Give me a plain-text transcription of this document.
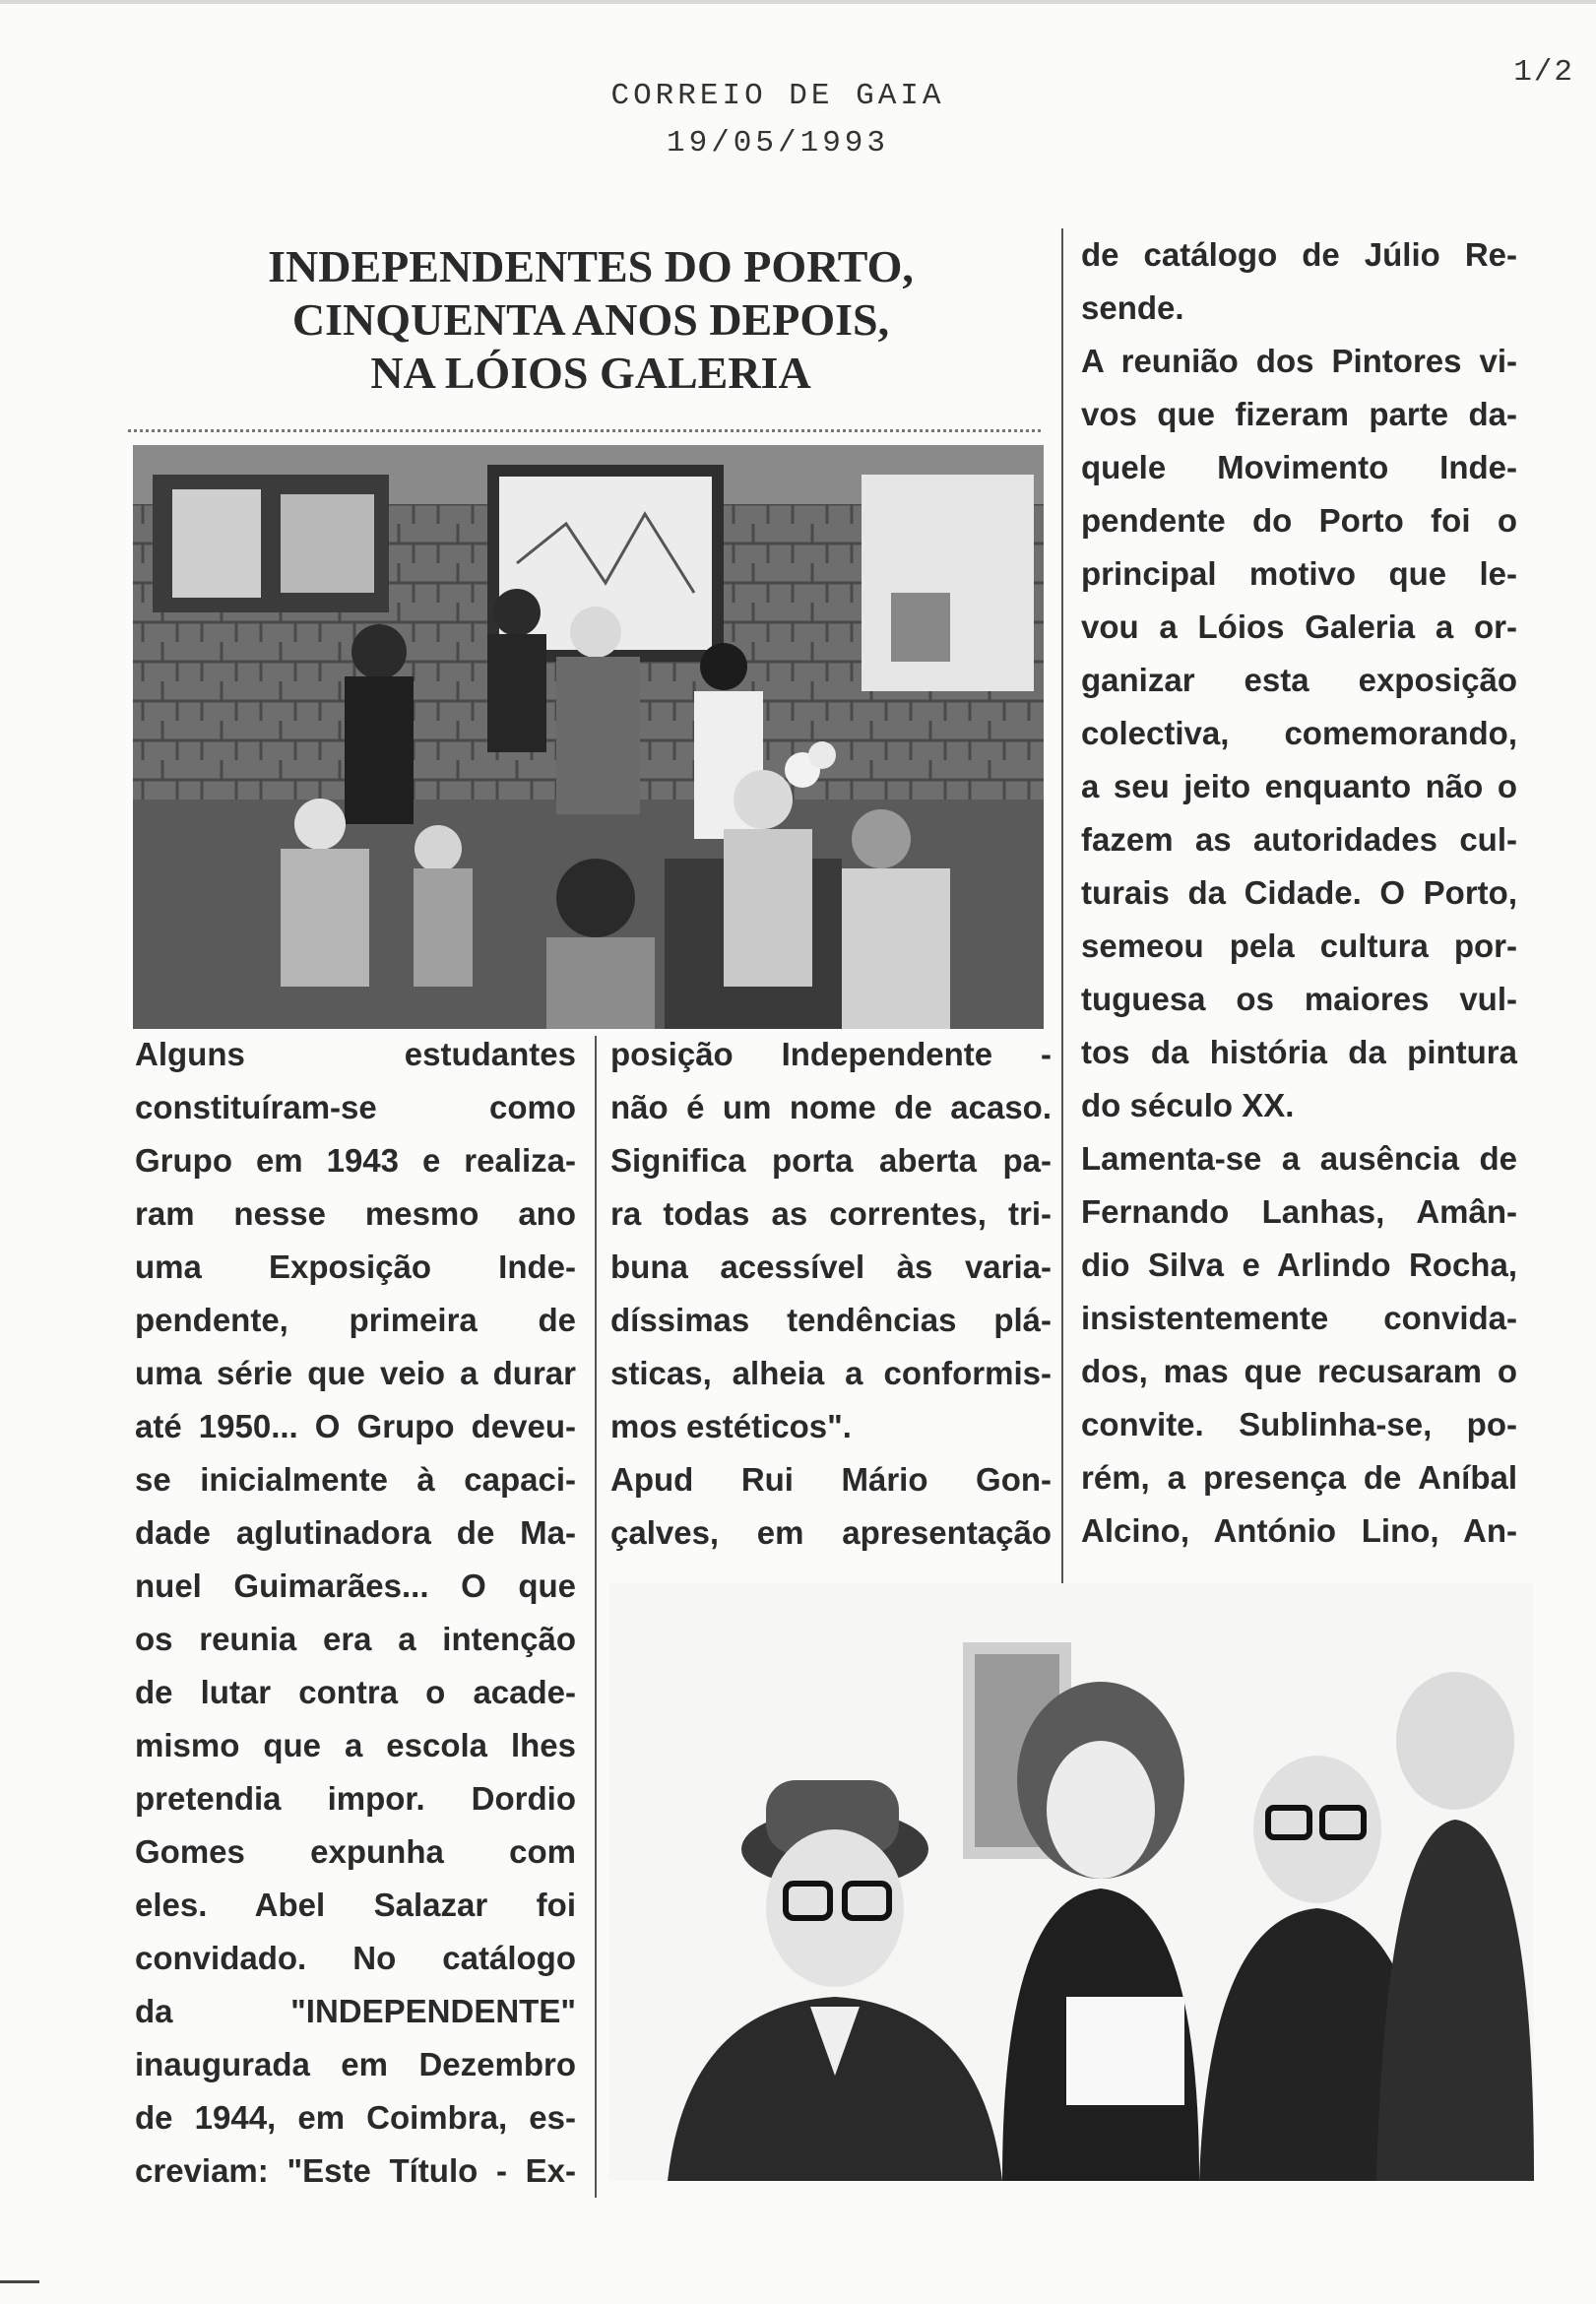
CORREIO DE GAIA
19/05/1993
1/2
INDEPENDENTES DO PORTO,
CINQUENTA ANOS DEPOIS,
NA LÓIOS GALERIA

Alguns estudantes

constituíram-se como

Grupo em 1943 e realiza-

ram nesse mesmo ano

uma Exposição Inde-

pendente, primeira de

uma série que veio a durar

até 1950... O Grupo deveu-

se inicialmente à capaci-

dade aglutinadora de Ma-

nuel Guimarães... O que

os reunia era a intenção

de lutar contra o acade-

mismo que a escola lhes

pretendia impor. Dordio

Gomes expunha com

eles. Abel Salazar foi

convidado. No catálogo

da "INDEPENDENTE"

inaugurada em Dezembro

de 1944, em Coimbra, es-

creviam: "Este Título - Ex-

posição Independente -

não é um nome de acaso.

Significa porta aberta pa-

ra todas as correntes, tri-

buna acessível às varia-

díssimas tendências plá-

sticas, alheia a conformis-

mos estéticos".

Apud Rui Mário Gon-

çalves, em apresentação

de catálogo de Júlio Re-

sende.

A reunião dos Pintores vi-

vos que fizeram parte da-

quele Movimento Inde-

pendente do Porto foi o

principal motivo que le-

vou a Lóios Galeria a or-

ganizar esta exposição

colectiva, comemorando,

a seu jeito enquanto não o

fazem as autoridades cul-

turais da Cidade. O Porto,

semeou pela cultura por-

tuguesa os maiores vul-

tos da história da pintura

do século XX.

Lamenta-se a ausência de

Fernando Lanhas, Amân-

dio Silva e Arlindo Rocha,

insistentemente convida-

dos, mas que recusaram o

convite. Sublinha-se, po-

rém, a presença de Aníbal

Alcino, António Lino, An-
